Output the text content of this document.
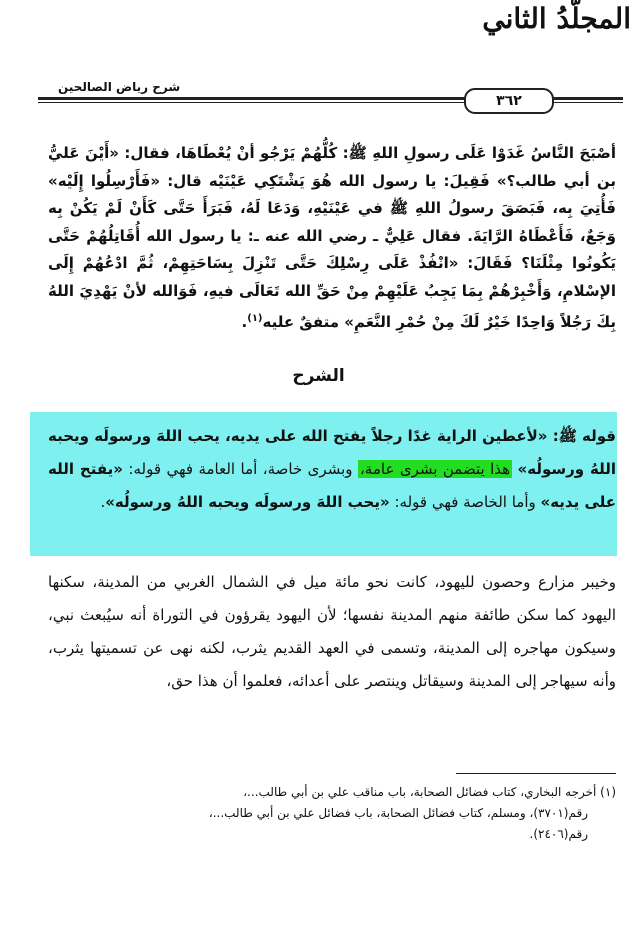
المجلّدُ الثاني
شرح رياض الصالحين
٣٦٢
أصْبَحَ النَّاسُ غَدَوْا عَلَى رسولِ اللهِ ﷺ: كُلُّهُمْ يَرْجُو أنْ يُعْطَاهَا، فقال: «أَيْنَ عَليُّ بن أبي طالب؟» فَقِيلَ: يا رسول الله هُوَ يَشْتَكِي عَيْنَيْه قال: «فَأَرْسِلُوا إِلَيْه» فَأُتِيَ بِه، فَبَصَقَ رسولُ اللهِ ﷺ في عَيْنَيْهِ، وَدَعَا لَهُ، فَبَرَأَ حَتَّى كَأَنْ لَمْ يَكُنْ بِه وَجَعٌ، فَأَعْطَاهُ الرَّايَةَ. فقال عَلِيٌّ ـ رضي الله عنه ـ: يا رسول الله أُقَاتِلُهُمْ حَتَّى يَكُونُوا مِثْلَنَا؟ فَقَالَ: «انْفُذْ عَلَى رِسْلِكَ حَتَّى تَنْزِلَ بِسَاحَتِهِمْ، ثُمَّ ادْعُهُمْ إِلَى الإسْلامِ، وَأَخْبِرْهُمْ بِمَا يَجِبُ عَلَيْهِمْ مِنْ حَقِّ الله تَعَالَى فيهِ، فَوَالله لأنْ يَهْدِيَ اللهُ بِكَ رَجُلاً وَاحِدًا خَيْرٌ لَكَ مِنْ حُمْرِ النَّعَمِ» متفقٌ عليه$^{(١)}$.
الشرح
قوله ﷺ: «لأعطين الراية غدًا رجلاً يفتح الله على يديه، يحب اللهَ ورسولَه ويحبه اللهُ ورسولُه» هذا يتضمن بشرى عامة، وبشرى خاصة، أما العامة فهي قوله: «يفتح الله على يديه» وأما الخاصة فهي قوله: «يحب اللهَ ورسولَه ويحبه اللهُ ورسولُه».
وخيبر مزارع وحصون لليهود، كانت نحو مائة ميل في الشمال الغربي من المدينة، سكنها اليهود كما سكن طائفة منهم المدينة نفسها؛ لأن اليهود يقرؤون في التوراة أنه سيُبعث نبي، وسيكون مهاجره إلى المدينة، وتسمى في العهد القديم يثرب، لكنه نهى عن تسميتها يثرب، وأنه سيهاجر إلى المدينة وسيقاتل وينتصر على أعدائه، فعلموا أن هذا حق،
(١) أخرجه البخاري، كتاب فضائل الصحابة، باب مناقب علي بن أبي طالب...،
رقم(٣٧٠١)، ومسلم، كتاب فضائل الصحابة، باب فضائل علي بن أبي طالب...،
رقم(٢٤٠٦).
